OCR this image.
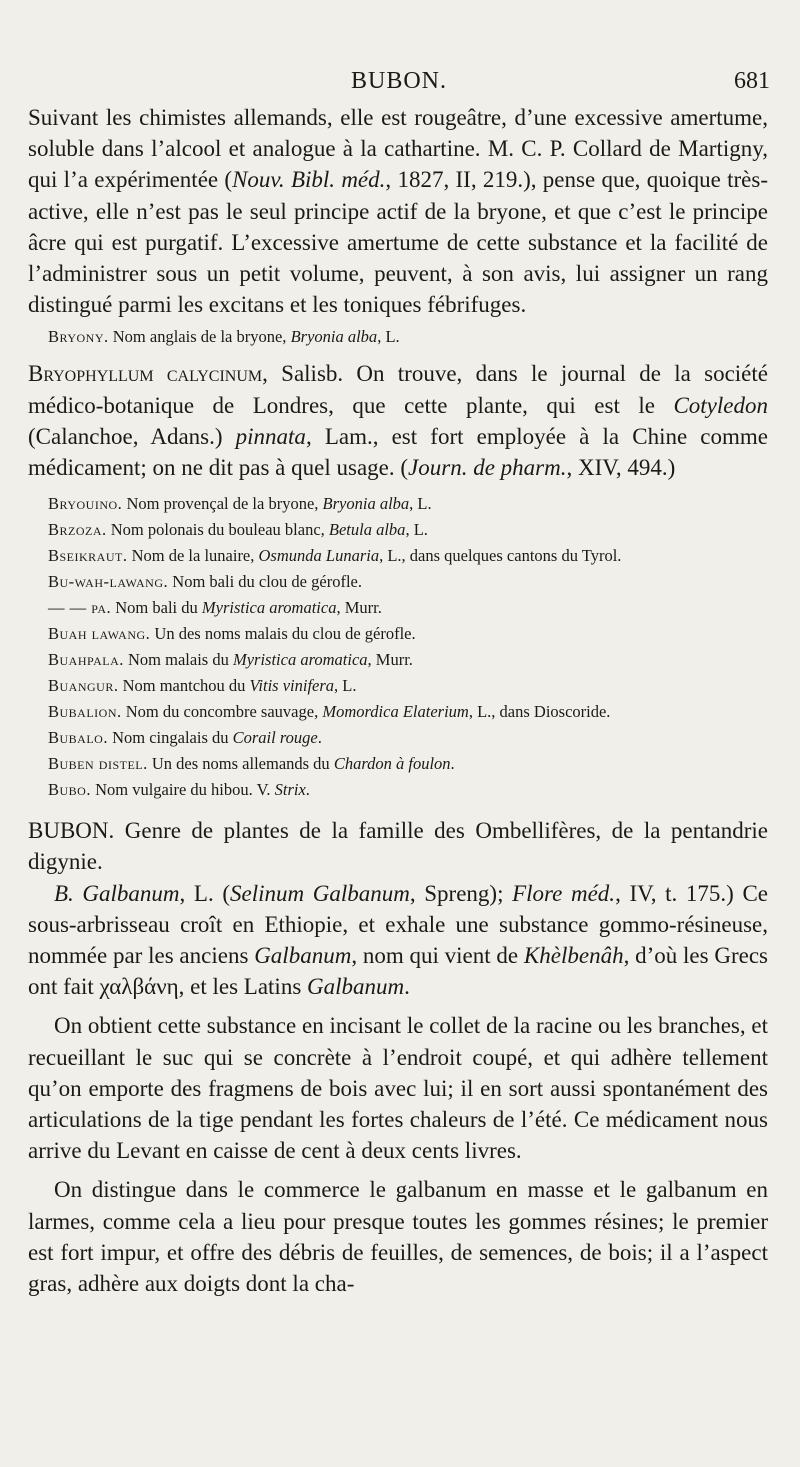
BUBON.	681

Suivant les chimistes allemands, elle est rougeâtre, d’une excessive amertume, soluble dans l’alcool et analogue à la cathartine. M. C. P. Collard de Martigny, qui l’a expérimentée (Nouv. Bibl. méd., 1827, II, 219.), pense que, quoique très-active, elle n’est pas le seul principe actif de la bryone, et que c’est le principe âcre qui est purgatif. L’excessive amertume de cette substance et la facilité de l’administrer sous un petit volume, peuvent, à son avis, lui assigner un rang distingué parmi les excitans et les toniques fébrifuges.

Bryony. Nom anglais de la bryone, Bryonia alba, L.

Bryophyllum calycinum, Salisb. On trouve, dans le journal de la société médico-botanique de Londres, que cette plante, qui est le Cotyledon (Calanchoe, Adans.) pinnata, Lam., est fort employée à la Chine comme médicament; on ne dit pas à quel usage. (Journ. de pharm., XIV, 494.)

Bryouino. Nom provençal de la bryone, Bryonia alba, L.

Brzoza. Nom polonais du bouleau blanc, Betula alba, L.

Bseikraut. Nom de la lunaire, Osmunda Lunaria, L., dans quelques cantons du Tyrol.

Bu-wah-lawang. Nom bali du clou de gérofle.

— — pa. Nom bali du Myristica aromatica, Murr.

Buah lawang. Un des noms malais du clou de gérofle.

Buahpala. Nom malais du Myristica aromatica, Murr.

Buangur. Nom mantchou du Vitis vinifera, L.

Bubalion. Nom du concombre sauvage, Momordica Elaterium, L., dans Dioscoride.

Bubalo. Nom cingalais du Corail rouge.

Buben distel. Un des noms allemands du Chardon à foulon.

Bubo. Nom vulgaire du hibou. V. Strix.

BUBON. Genre de plantes de la famille des Ombellifères, de la pentandrie digynie.

B. Galbanum, L. (Selinum Galbanum, Spreng); Flore méd., IV, t. 175.) Ce sous-arbrisseau croît en Ethiopie, et exhale une substance gommo-résineuse, nommée par les anciens Galbanum, nom qui vient de Khèlbenâh, d’où les Grecs ont fait χαλβάνη, et les Latins Galbanum.

On obtient cette substance en incisant le collet de la racine ou les branches, et recueillant le suc qui se concrète à l’endroit coupé, et qui adhère tellement qu’on emporte des fragmens de bois avec lui; il en sort aussi spontanément des articulations de la tige pendant les fortes chaleurs de l’été. Ce médicament nous arrive du Levant en caisse de cent à deux cents livres.

On distingue dans le commerce le galbanum en masse et le galbanum en larmes, comme cela a lieu pour presque toutes les gommes résines; le premier est fort impur, et offre des débris de feuilles, de semences, de bois; il a l’aspect gras, adhère aux doigts dont la cha-
